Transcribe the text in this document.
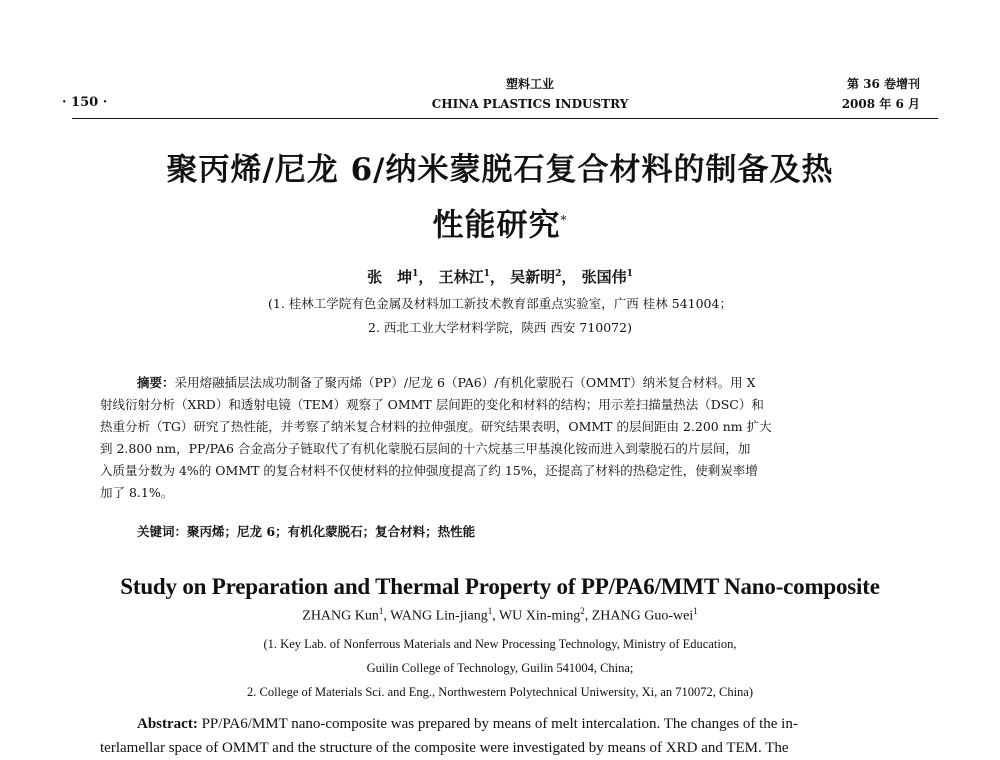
· 150 ·
塑料工业
CHINA PLASTICS INDUSTRY
第 36 卷增刊
2008 年 6 月
聚丙烯/尼龙 6/纳米蒙脱石复合材料的制备及热
性能研究*
张　坤$^1$， 王林江$^1$， 吴新明$^2$， 张国伟$^1$
(1. 桂林工学院有色金属及材料加工新技术教育部重点实验室，广西 桂林 541004；
2. 西北工业大学材料学院，陕西 西安 710072)
摘要：采用熔融插层法成功制备了聚丙烯（PP）/尼龙 6（PA6）/有机化蒙脱石（OMMT）纳米复合材料。用 X
射线衍射分析（XRD）和透射电镜（TEM）观察了 OMMT 层间距的变化和材料的结构；用示差扫描量热法（DSC）和
热重分析（TG）研究了热性能，并考察了纳米复合材料的拉伸强度。研究结果表明，OMMT 的层间距由 2.200 nm 扩大
到 2.800 nm，PP/PA6 合金高分子链取代了有机化蒙脱石层间的十六烷基三甲基溴化铵而进入到蒙脱石的片层间，加
入质量分数为 4%的 OMMT 的复合材料不仅使材料的拉伸强度提高了约 15%，还提高了材料的热稳定性，使剩炭率增
加了 8.1%。
关键词：聚丙烯；尼龙 6；有机化蒙脱石；复合材料；热性能
Study on Preparation and Thermal Property of PP/PA6/MMT Nano-composite
ZHANG Kun$^1$, WANG Lin-jiang$^1$, WU Xin-ming$^2$, ZHANG Guo-wei$^1$
(1. Key Lab. of Nonferrous Materials and New Processing Technology, Ministry of Education,
Guilin College of Technology, Guilin 541004, China;
2. College of Materials Sci. and Eng., Northwestern Polytechnical Uniwersity, Xi, an 710072, China)
Abstract: PP/PA6/MMT nano-composite was prepared by means of melt intercalation. The changes of the in-
terlamellar space of OMMT and the structure of the composite were investigated by means of XRD and TEM. The
